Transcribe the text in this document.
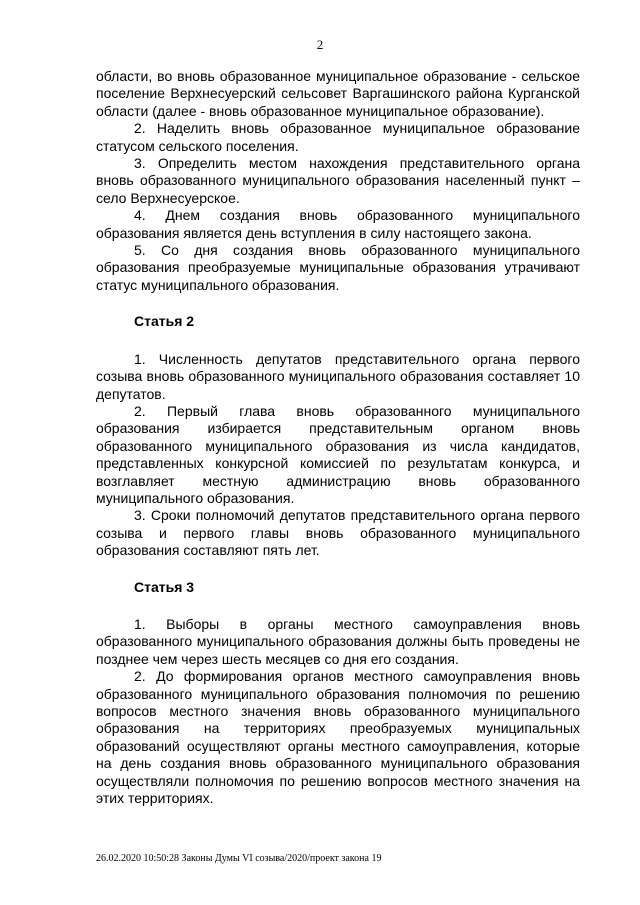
2

области, во вновь образованное муниципальное образование - сельское поселение Верхнесуерский сельсовет Варгашинского района Курганской области (далее - вновь образованное муниципальное образование).

2. Наделить вновь образованное муниципальное образование статусом сельского поселения.

3. Определить местом нахождения представительного органа вновь образованного муниципального образования населенный пункт – село Верхнесуерское.

4. Днем создания вновь образованного муниципального образования является день вступления в силу настоящего закона.

5. Со дня создания вновь образованного муниципального образования преобразуемые муниципальные образования утрачивают статус муниципального образования.

Статья 2

1. Численность депутатов представительного органа первого созыва вновь образованного муниципального образования составляет 10 депутатов.

2. Первый глава вновь образованного муниципального образования избирается представительным органом вновь образованного муниципального образования из числа кандидатов, представленных конкурсной комиссией по результатам конкурса, и возглавляет местную администрацию вновь образованного муниципального образования.

3. Сроки полномочий депутатов представительного органа первого созыва и первого главы вновь образованного муниципального образования составляют пять лет.

Статья 3

1. Выборы в органы местного самоуправления вновь образованного муниципального образования должны быть проведены не позднее чем через шесть месяцев со дня его создания.

2. До формирования органов местного самоуправления вновь образованного муниципального образования полномочия по решению вопросов местного значения вновь образованного муниципального образования на территориях преобразуемых муниципальных образований осуществляют органы местного самоуправления, которые на день создания вновь образованного муниципального образования осуществляли полномочия по решению вопросов местного значения на этих территориях.

26.02.2020 10:50:28 Законы Думы VI созыва/2020/проект закона 19
